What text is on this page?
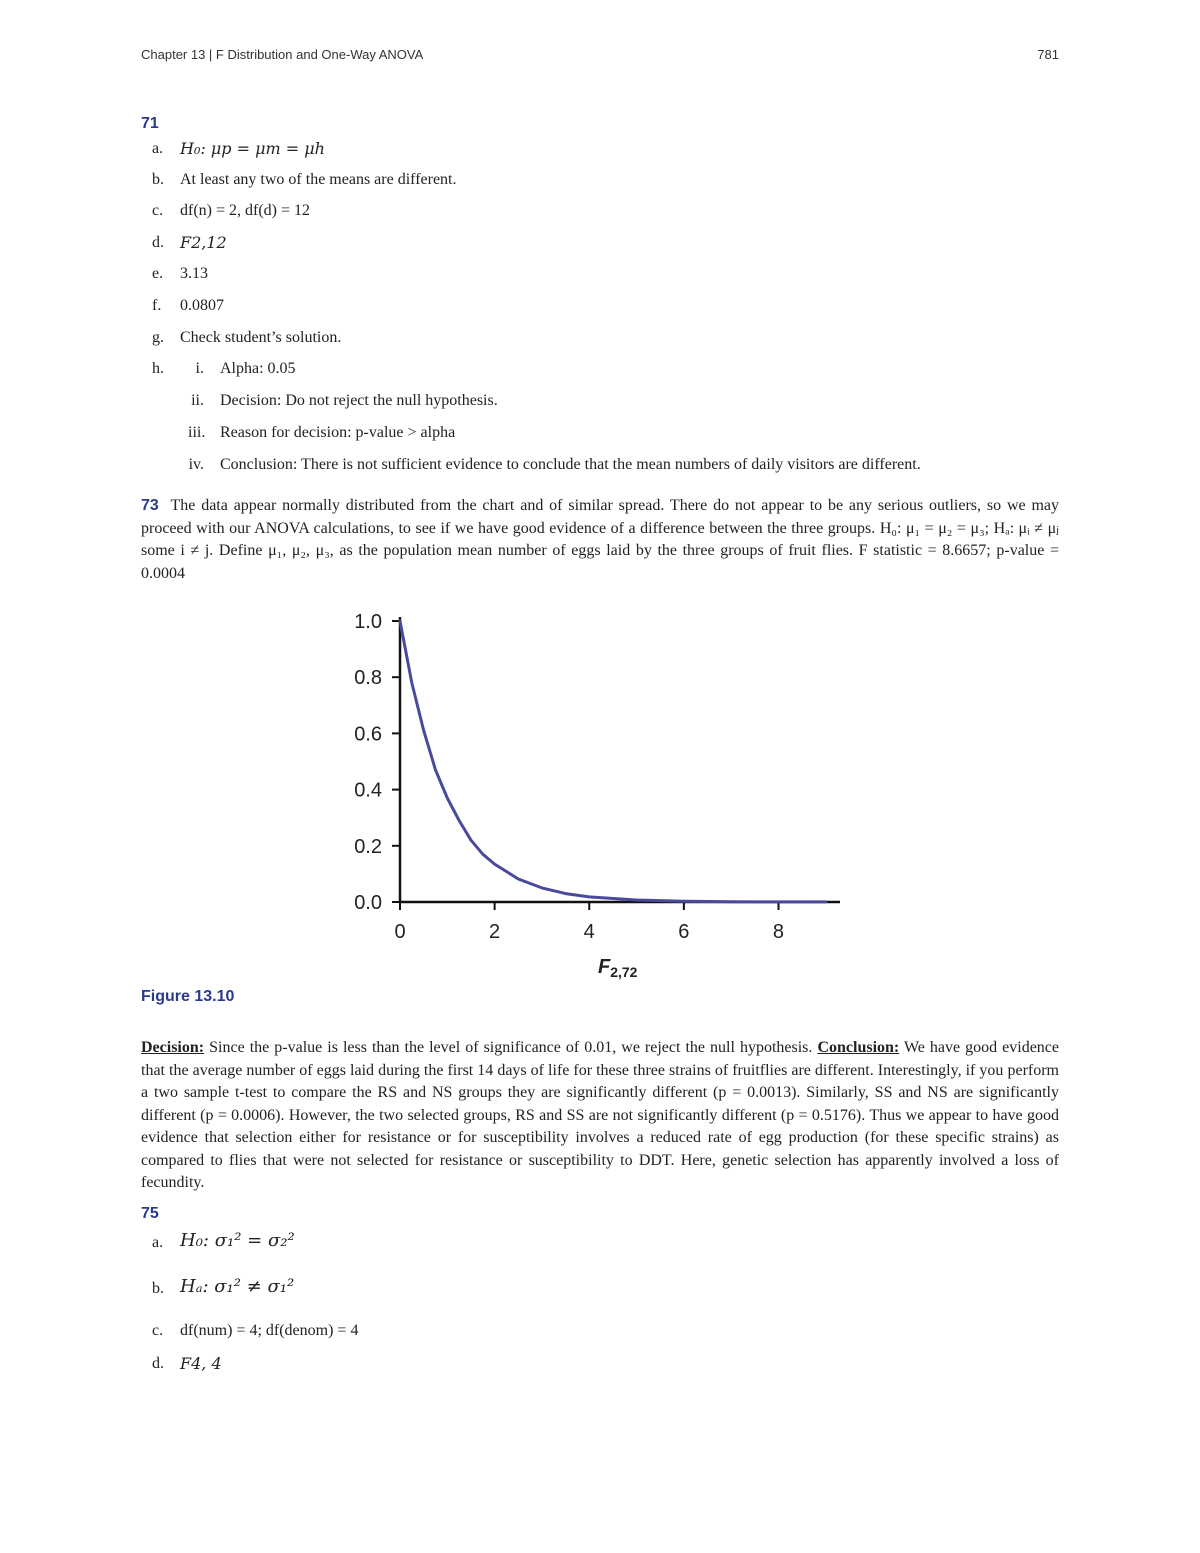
Chapter 13 | F Distribution and One-Way ANOVA	781
71
a. H₀: μp = μm = μh
b. At least any two of the means are different.
c. df(n) = 2, df(d) = 12
d. F2,12
e. 3.13
f. 0.0807
g. Check student’s solution.
h.	i. Alpha: 0.05
ii. Decision: Do not reject the null hypothesis.
iii. Reason for decision: p-value > alpha
iv. Conclusion: There is not sufficient evidence to conclude that the mean numbers of daily visitors are different.
73 The data appear normally distributed from the chart and of similar spread. There do not appear to be any serious outliers, so we may proceed with our ANOVA calculations, to see if we have good evidence of a difference between the three groups. H₀: μ₁ = μ₂ = μ₃; Hₐ: μᵢ ≠ μⱼ some i ≠ j. Define μ₁, μ₂, μ₃, as the population mean number of eggs laid by the three groups of fruit flies. F statistic = 8.6657; p-value = 0.0004
0	2	4	6	8
0.0
0.2
0.4
0.6
0.8
1.0
$F_{2,72}$
Figure 13.10
Decision: Since the p-value is less than the level of significance of 0.01, we reject the null hypothesis. Conclusion: We have good evidence that the average number of eggs laid during the first 14 days of life for these three strains of fruitflies are different. Interestingly, if you perform a two sample t-test to compare the RS and NS groups they are significantly different (p = 0.0013). Similarly, SS and NS are significantly different (p = 0.0006). However, the two selected groups, RS and SS are not significantly different (p = 0.5176). Thus we appear to have good evidence that selection either for resistance or for susceptibility involves a reduced rate of egg production (for these specific strains) as compared to flies that were not selected for resistance or susceptibility to DDT. Here, genetic selection has apparently involved a loss of fecundity.
75
a. H₀: σ₁² = σ₂²
b. Hₐ: σ₁² ≠ σ₁²
c. df(num) = 4; df(denom) = 4
d. F4, 4
